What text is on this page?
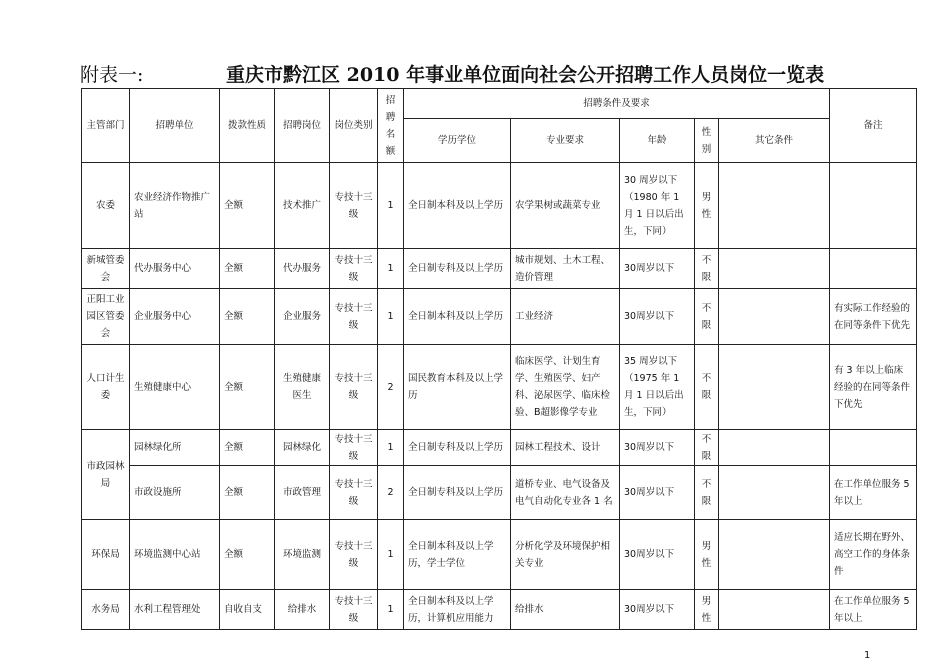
附表一:	重庆市黔江区 2010 年事业单位面向社会公开招聘工作人员岗位一览表
主管部门	招聘单位	拨款性质	招聘岗位	岗位类别	招聘名额	招聘条件及要求					备注
						学历学位	专业要求	年龄	性别	其它条件	
农委	农业经济作物推广站	全额	技术推广	专技十三级	1	全日制本科及以上学历	农学果树或蔬菜专业	30 周岁以下（1980 年 1 月 1 日以后出生，下同）	男性		
新城管委会	代办服务中心	全额	代办服务	专技十三级	1	全日制专科及以上学历	城市规划、土木工程、造价管理	30周岁以下	不限		
正阳工业园区管委会	企业服务中心	全额	企业服务	专技十三级	1	全日制本科及以上学历	工业经济	30周岁以下	不限		有实际工作经验的在同等条件下优先
人口计生委	生殖健康中心	全额	生殖健康医生	专技十三级	2	国民教育本科及以上学历	临床医学、计划生育学、生殖医学、妇产科、泌尿医学、临床检验、B超影像学专业	35 周岁以下（1975 年 1 月 1 日以后出生，下同）	不限		有 3 年以上临床经验的在同等条件下优先
市政园林局	园林绿化所	全额	园林绿化	专技十三级	1	全日制专科及以上学历	园林工程技术、设计	30周岁以下	不限		
	市政设施所	全额	市政管理	专技十三级	2	全日制专科及以上学历	道桥专业、电气设备及电气自动化专业各 1 名	30周岁以下	不限		在工作单位服务 5 年以上
环保局	环境监测中心站	全额	环境监测	专技十三级	1	全日制本科及以上学历，学士学位	分析化学及环境保护相关专业	30周岁以下	男性		适应长期在野外、高空工作的身体条件
水务局	水利工程管理处	自收自支	给排水	专技十三级	1	全日制本科及以上学历，计算机应用能力	给排水	30周岁以下	男性		在工作单位服务 5 年以上
1
